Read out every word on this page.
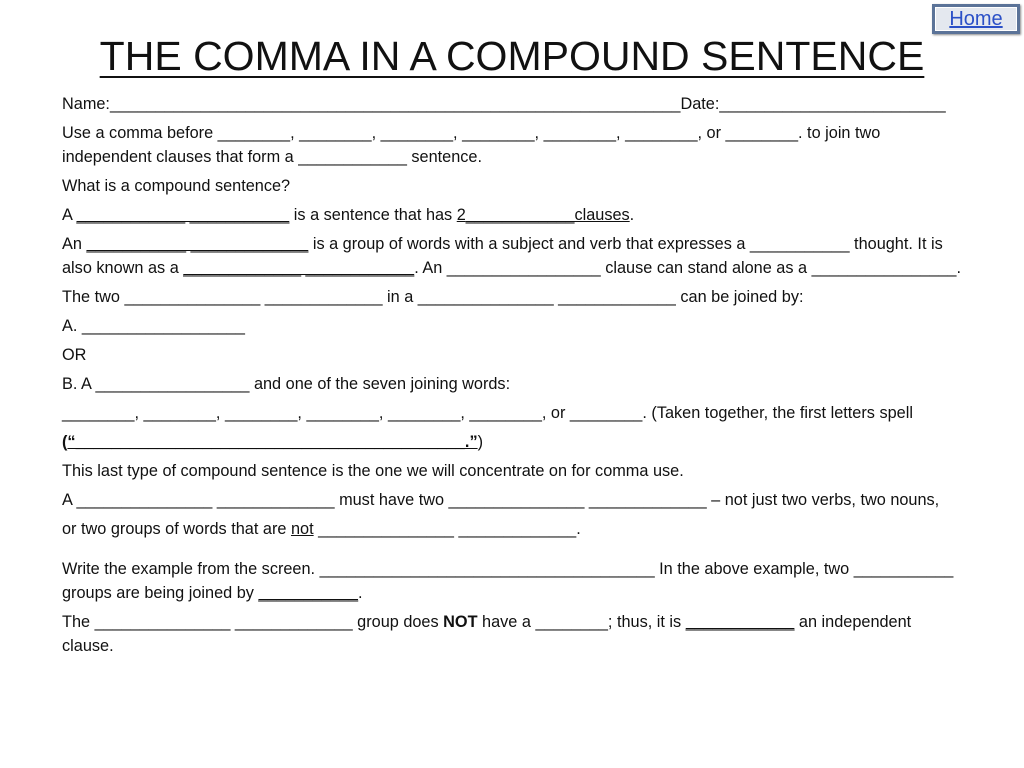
Home
THE COMMA IN A COMPOUND SENTENCE

Name:_______________________________________________________________Date:_________________________

Use a comma before ________, ________, ________, ________, ________, ________, or ________. to join two independent clauses that form a ____________ sentence.

What is a compound sentence?

A ____________ ___________ is a sentence that has 2____________clauses.

An ___________ _____________ is a group of words with a subject and verb that expresses a ___________ thought. It is also known as a _____________ ____________. An _________________ clause can stand alone as a ________________.

The two _______________ _____________ in a _______________ _____________ can be joined by:

A. __________________

OR

B. A _________________ and one of the seven joining words:

________, ________, ________, ________, ________, ________, or ________. (Taken together, the first letters spell

(“___________________________________________.”)

This last type of compound sentence is the one we will concentrate on for comma use.

A _______________ _____________ must have two _______________ _____________ – not just two verbs, two nouns,

or two groups of words that are not _______________ _____________.

Write the example from the screen. _____________________________________ In the above example, two ___________ groups are being joined by ___________.

The _______________ _____________ group does NOT have a ________; thus, it is ____________ an independent clause.
